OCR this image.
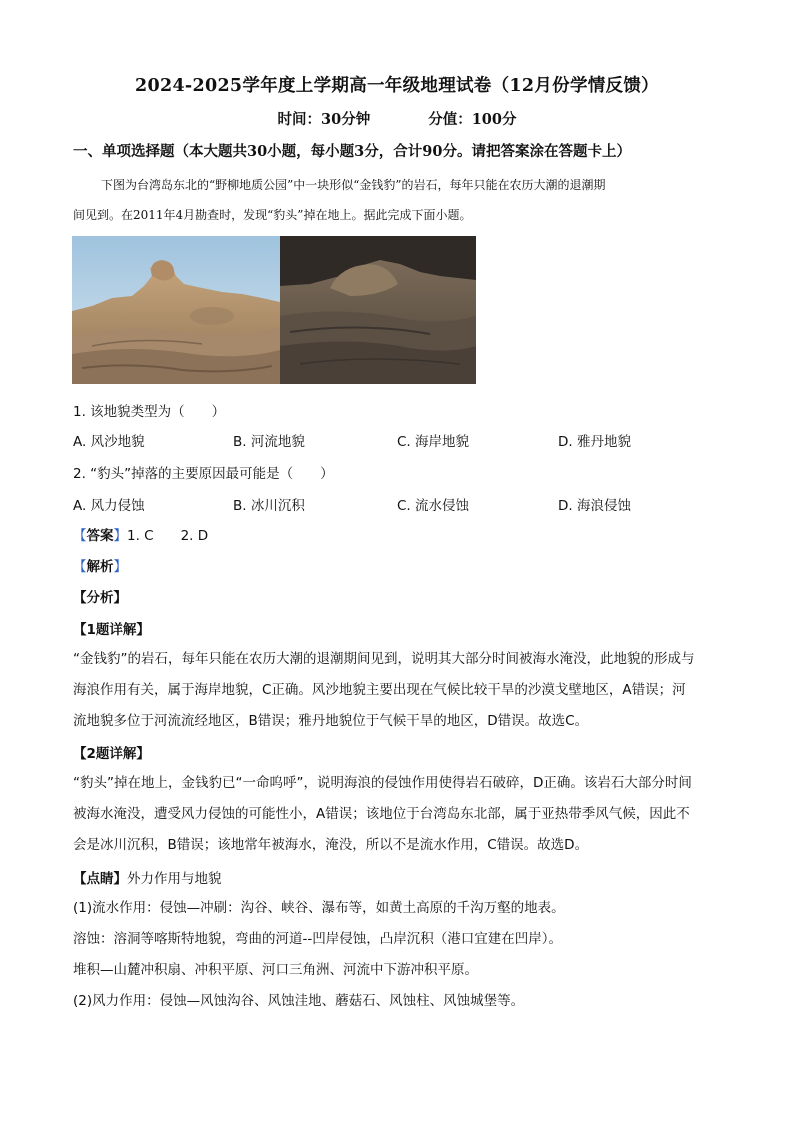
2024-2025学年度上学期高一年级地理试卷（12月份学情反馈）
时间：30分钟	分值：100分
一、单项选择题（本大题共30小题，每小题3分，合计90分。请把答案涂在答题卡上）

下图为台湾岛东北的“野柳地质公园”中一块形似“金钱豹”的岩石，每年只能在农历大潮的退潮期

间见到。在2011年4月勘查时，发现“豹头”掉在地上。据此完成下面小题。

1. 该地貌类型为（　　）
A. 风沙地貌	B. 河流地貌	C. 海岸地貌	D. 雅丹地貌
2. “豹头”掉落的主要原因最可能是（　　）
A. 风力侵蚀	B. 冰川沉积	C. 流水侵蚀	D. 海浪侵蚀
【答案】1. C　　2. D
【解析】
【分析】
【1题详解】

“金钱豹”的岩石，每年只能在农历大潮的退潮期间见到，说明其大部分时间被海水淹没，此地貌的形成与

海浪作用有关，属于海岸地貌，C正确。风沙地貌主要出现在气候比较干旱的沙漠戈壁地区，A错误；河

流地貌多位于河流流经地区，B错误；雅丹地貌位于气候干旱的地区，D错误。故选C。

【2题详解】

“豹头”掉在地上，金钱豹已“一命呜呼”，说明海浪的侵蚀作用使得岩石破碎，D正确。该岩石大部分时间

被海水淹没，遭受风力侵蚀的可能性小，A错误；该地位于台湾岛东北部，属于亚热带季风气候，因此不

会是冰川沉积，B错误；该地常年被海水，淹没，所以不是流水作用，C错误。故选D。

【点睛】外力作用与地貌

(1)流水作用：侵蚀—冲刷：沟谷、峡谷、瀑布等，如黄土高原的千沟万壑的地表。

溶蚀：溶洞等喀斯特地貌，弯曲的河道--凹岸侵蚀，凸岸沉积（港口宜建在凹岸）。

堆积—山麓冲积扇、冲积平原、河口三角洲、河流中下游冲积平原。

(2)风力作用：侵蚀—风蚀沟谷、风蚀洼地、蘑菇石、风蚀柱、风蚀城堡等。
